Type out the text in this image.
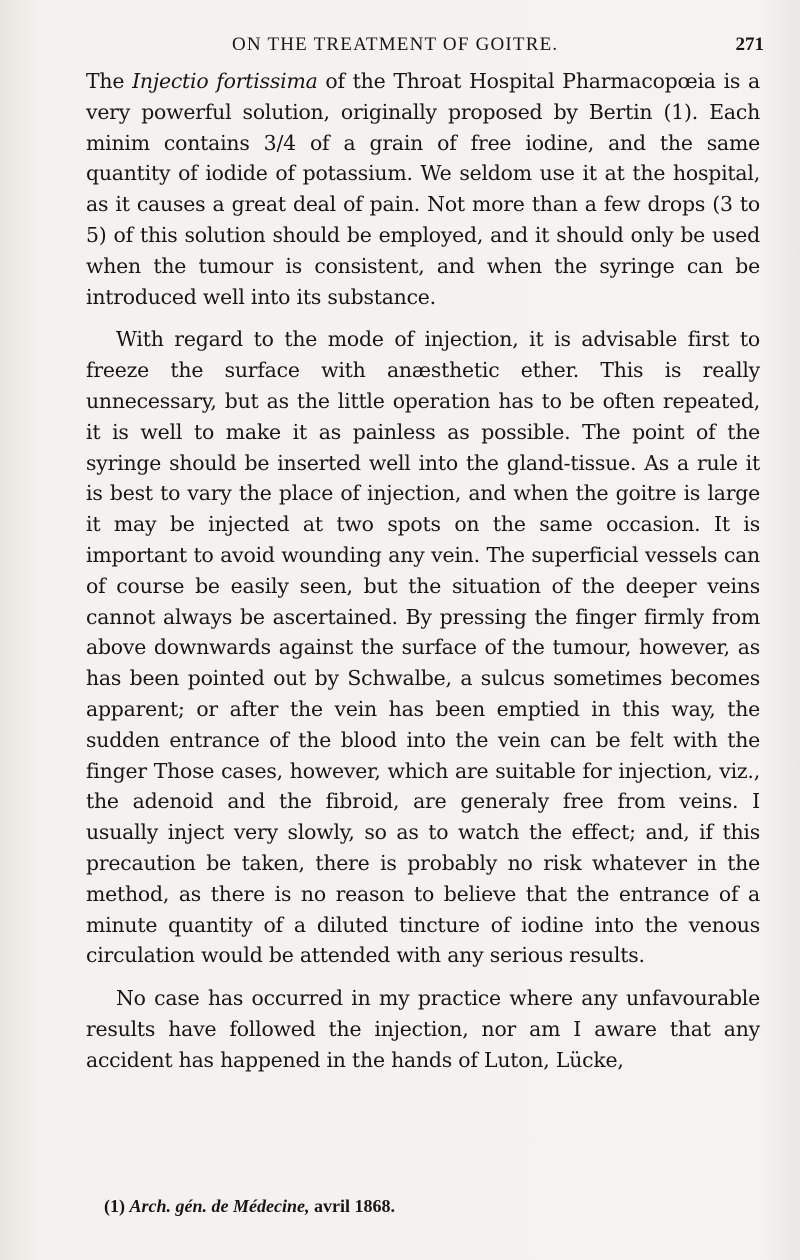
ON THE TREATMENT OF GOITRE.	271

The Injectio fortissima of the Throat Hospital Pharmacopœia is a very powerful solution, originally proposed by Bertin (1). Each minim contains 3/4 of a grain of free iodine, and the same quantity of iodide of potassium. We seldom use it at the hospital, as it causes a great deal of pain. Not more than a few drops (3 to 5) of this solution should be employed, and it should only be used when the tumour is consistent, and when the syringe can be introduced well into its substance.

With regard to the mode of injection, it is advisable first to freeze the surface with anæsthetic ether. This is really unnecessary, but as the little operation has to be often repeated, it is well to make it as painless as possible. The point of the syringe should be inserted well into the gland-tissue. As a rule it is best to vary the place of injection, and when the goitre is large it may be injected at two spots on the same occasion. It is important to avoid wounding any vein. The superficial vessels can of course be easily seen, but the situation of the deeper veins cannot always be ascertained. By pressing the finger firmly from above downwards against the surface of the tumour, however, as has been pointed out by Schwalbe, a sulcus sometimes becomes apparent; or after the vein has been emptied in this way, the sudden entrance of the blood into the vein can be felt with the finger Those cases, however, which are suitable for injection, viz., the adenoid and the fibroid, are generaly free from veins. I usually inject very slowly, so as to watch the effect; and, if this precaution be taken, there is probably no risk whatever in the method, as there is no reason to believe that the entrance of a minute quantity of a diluted tincture of iodine into the venous circulation would be attended with any serious results.

No case has occurred in my practice where any unfavourable results have followed the injection, nor am I aware that any accident has happened in the hands of Luton, Lücke,

(1) Arch. gén. de Médecine, avril 1868.
